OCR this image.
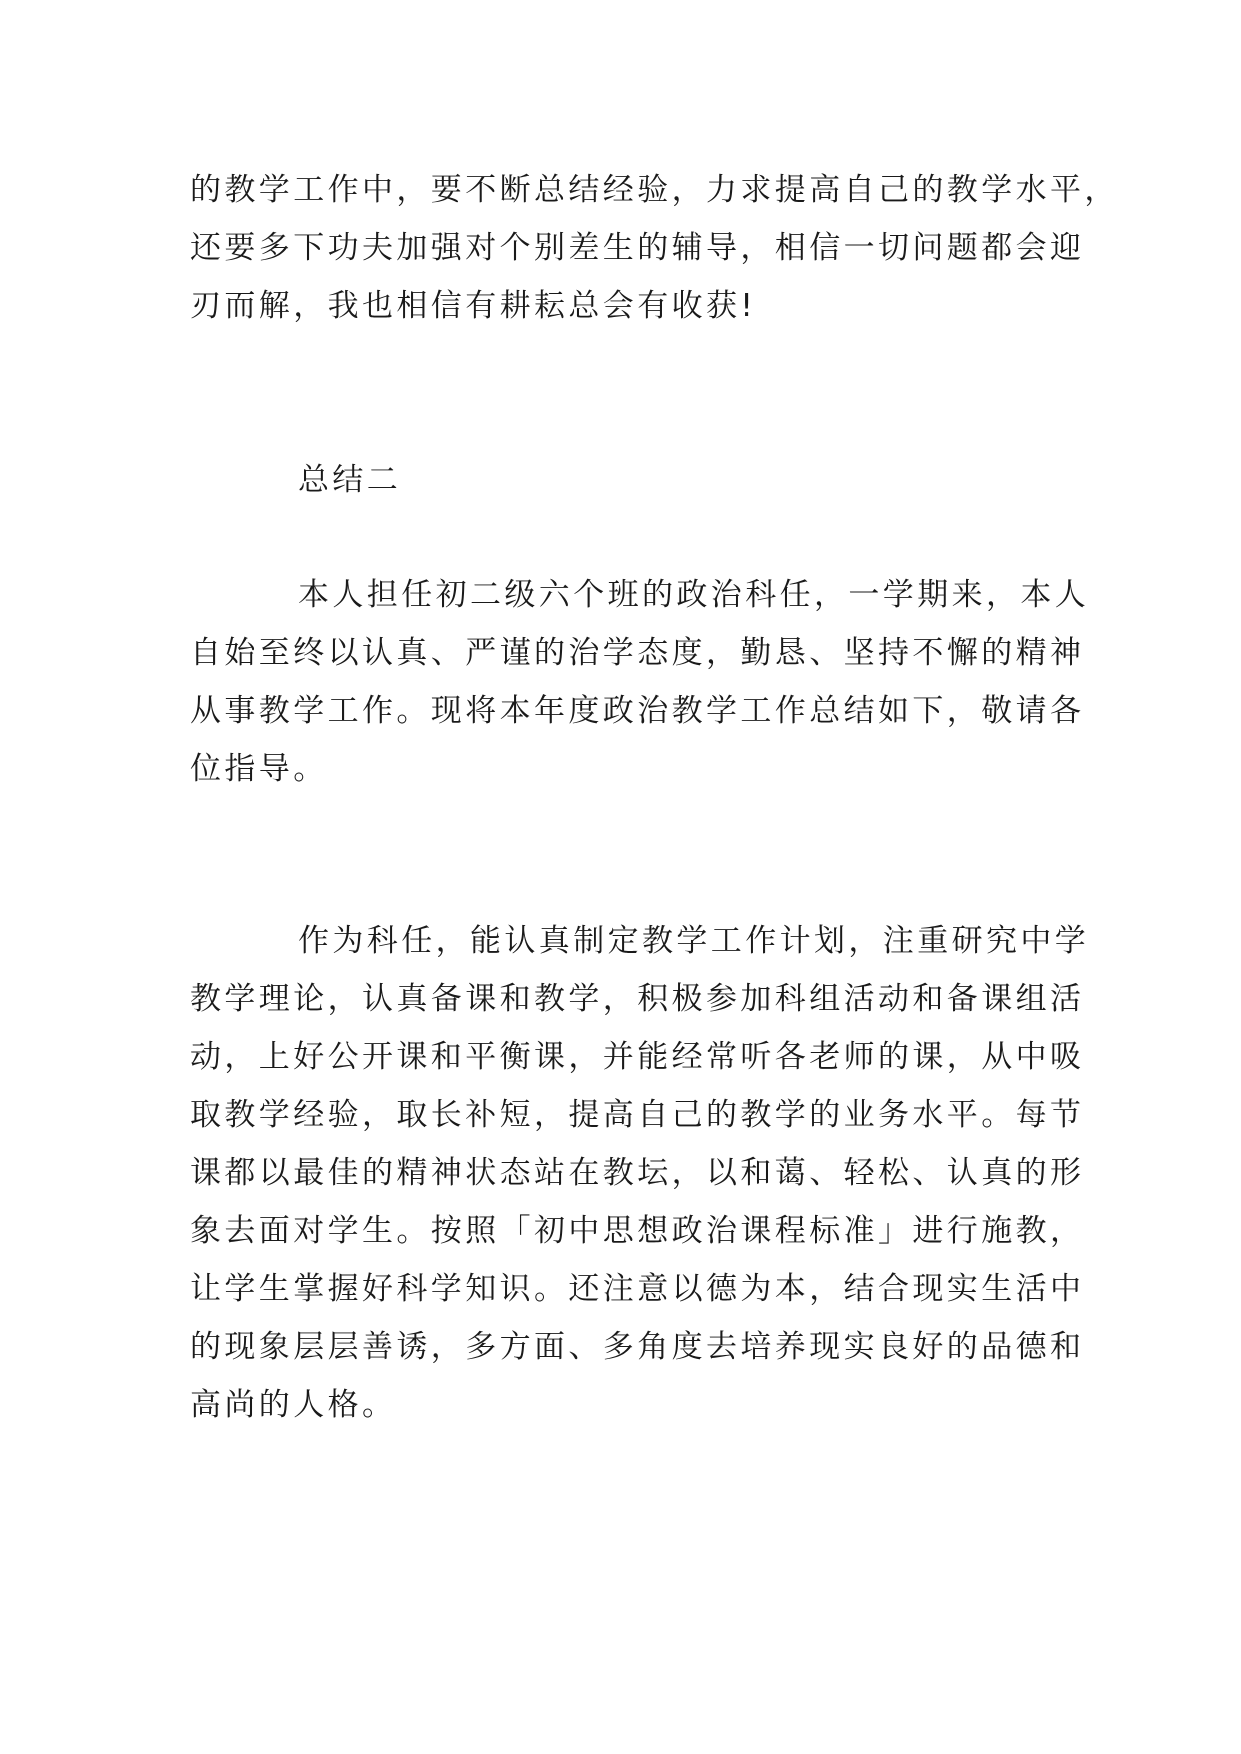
的教学工作中，要不断总结经验，力求提高自己的教学水平，
还要多下功夫加强对个别差生的辅导，相信一切问题都会迎
刃而解，我也相信有耕耘总会有收获!
总结二
本人担任初二级六个班的政治科任，一学期来，本人
自始至终以认真、严谨的治学态度，勤恳、坚持不懈的精神
从事教学工作。现将本年度政治教学工作总结如下，敬请各
位指导。
作为科任，能认真制定教学工作计划，注重研究中学
教学理论，认真备课和教学，积极参加科组活动和备课组活
动，上好公开课和平衡课，并能经常听各老师的课，从中吸
取教学经验，取长补短，提高自己的教学的业务水平。每节
课都以最佳的精神状态站在教坛，以和蔼、轻松、认真的形
象去面对学生。按照「初中思想政治课程标准」进行施教，
让学生掌握好科学知识。还注意以德为本，结合现实生活中
的现象层层善诱，多方面、多角度去培养现实良好的品德和
高尚的人格。
